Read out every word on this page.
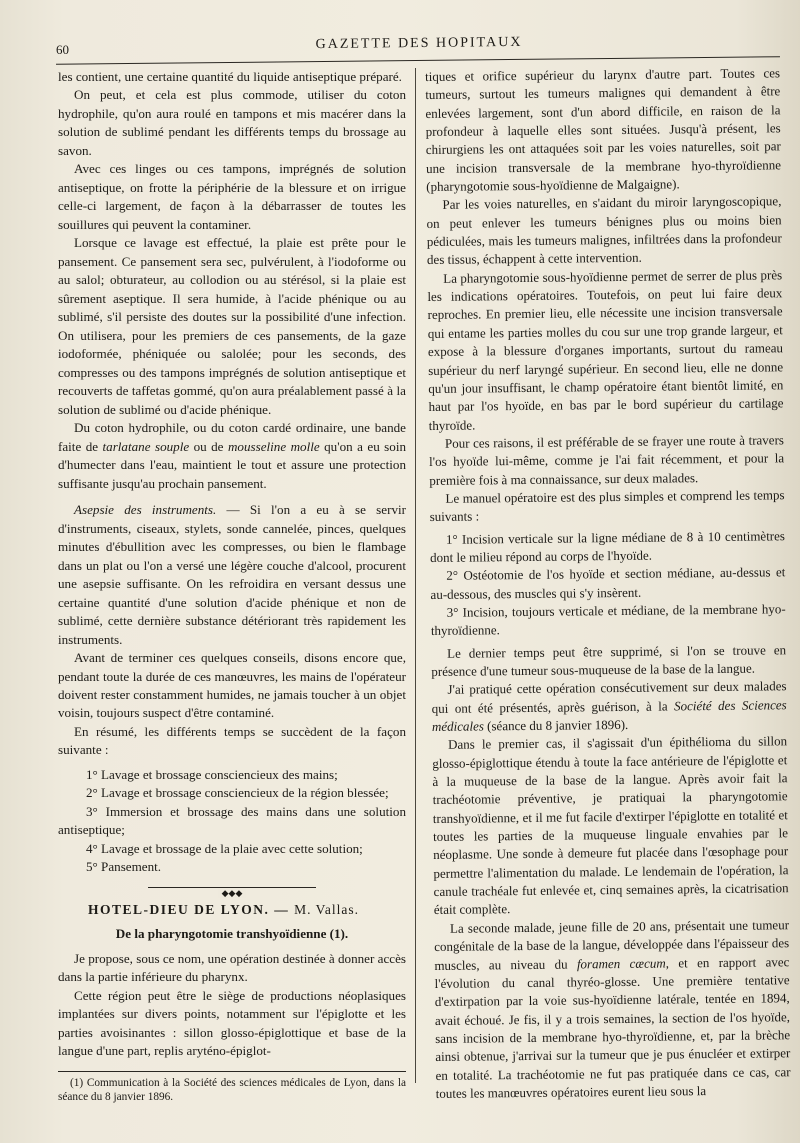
60	GAZETTE DES HOPITAUX

les contient, une certaine quantité du liquide antiseptique préparé.

On peut, et cela est plus commode, utiliser du coton hydrophile, qu'on aura roulé en tampons et mis macérer dans la solution de sublimé pendant les différents temps du brossage au savon.

Avec ces linges ou ces tampons, imprégnés de solution antiseptique, on frotte la périphérie de la blessure et on irrigue celle-ci largement, de façon à la débarrasser de toutes les souillures qui peuvent la contaminer.

Lorsque ce lavage est effectué, la plaie est prête pour le pansement. Ce pansement sera sec, pulvérulent, à l'iodoforme ou au salol; obturateur, au collodion ou au stérésol, si la plaie est sûrement aseptique. Il sera humide, à l'acide phénique ou au sublimé, s'il persiste des doutes sur la possibilité d'une infection. On utilisera, pour les premiers de ces pansements, de la gaze iodoformée, phéniquée ou salolée; pour les seconds, des compresses ou des tampons imprégnés de solution antiseptique et recouverts de taffetas gommé, qu'on aura préalablement passé à la solution de sublimé ou d'acide phénique.

Du coton hydrophile, ou du coton cardé ordinaire, une bande faite de tarlatane souple ou de mousseline molle qu'on a eu soin d'humecter dans l'eau, maintient le tout et assure une protection suffisante jusqu'au prochain pansement.

Asepsie des instruments. — Si l'on a eu à se servir d'instruments, ciseaux, stylets, sonde cannelée, pinces, quelques minutes d'ébullition avec les compresses, ou bien le flambage dans un plat ou l'on a versé une légère couche d'alcool, procurent une asepsie suffisante. On les refroidira en versant dessus une certaine quantité d'une solution d'acide phénique et non de sublimé, cette dernière substance détériorant très rapidement les instruments.

Avant de terminer ces quelques conseils, disons encore que, pendant toute la durée de ces manœuvres, les mains de l'opérateur doivent rester constamment humides, ne jamais toucher à un objet voisin, toujours suspect d'être contaminé.

En résumé, les différents temps se succèdent de la façon suivante :

1° Lavage et brossage consciencieux des mains;

2° Lavage et brossage consciencieux de la région blessée;

3° Immersion et brossage des mains dans une solution antiseptique;

4° Lavage et brossage de la plaie avec cette solution;

5° Pansement.

◆◆◆

HOTEL-DIEU DE LYON. — M. Vallas.

De la pharyngotomie transhyoïdienne (1).

Je propose, sous ce nom, une opération destinée à donner accès dans la partie inférieure du pharynx.

Cette région peut être le siège de productions néoplasiques implantées sur divers points, notamment sur l'épiglotte et les parties avoisinantes : sillon glosso-épiglottique et base de la langue d'une part, replis aryténo-épiglot-

(1) Communication à la Société des sciences médicales de Lyon, dans la séance du 8 janvier 1896.

tiques et orifice supérieur du larynx d'autre part. Toutes ces tumeurs, surtout les tumeurs malignes qui demandent à être enlevées largement, sont d'un abord difficile, en raison de la profondeur à laquelle elles sont situées. Jusqu'à présent, les chirurgiens les ont attaquées soit par les voies naturelles, soit par une incision transversale de la membrane hyo-thyroïdienne (pharyngotomie sous-hyoïdienne de Malgaigne).

Par les voies naturelles, en s'aidant du miroir laryngoscopique, on peut enlever les tumeurs bénignes plus ou moins bien pédiculées, mais les tumeurs malignes, infiltrées dans la profondeur des tissus, échappent à cette intervention.

La pharyngotomie sous-hyoïdienne permet de serrer de plus près les indications opératoires. Toutefois, on peut lui faire deux reproches. En premier lieu, elle nécessite une incision transversale qui entame les parties molles du cou sur une trop grande largeur, et expose à la blessure d'organes importants, surtout du rameau supérieur du nerf laryngé supérieur. En second lieu, elle ne donne qu'un jour insuffisant, le champ opératoire étant bientôt limité, en haut par l'os hyoïde, en bas par le bord supérieur du cartilage thyroïde.

Pour ces raisons, il est préférable de se frayer une route à travers l'os hyoïde lui-même, comme je l'ai fait récemment, et pour la première fois à ma connaissance, sur deux malades.

Le manuel opératoire est des plus simples et comprend les temps suivants :

1° Incision verticale sur la ligne médiane de 8 à 10 centimètres dont le milieu répond au corps de l'hyoïde.

2° Ostéotomie de l'os hyoïde et section médiane, au-dessus et au-dessous, des muscles qui s'y insèrent.

3° Incision, toujours verticale et médiane, de la membrane hyo-thyroïdienne.

Le dernier temps peut être supprimé, si l'on se trouve en présence d'une tumeur sous-muqueuse de la base de la langue.

J'ai pratiqué cette opération consécutivement sur deux malades qui ont été présentés, après guérison, à la Société des Sciences médicales (séance du 8 janvier 1896).

Dans le premier cas, il s'agissait d'un épithélioma du sillon glosso-épiglottique étendu à toute la face antérieure de l'épiglotte et à la muqueuse de la base de la langue. Après avoir fait la trachéotomie préventive, je pratiquai la pharyngotomie transhyoïdienne, et il me fut facile d'extirper l'épiglotte en totalité et toutes les parties de la muqueuse linguale envahies par le néoplasme. Une sonde à demeure fut placée dans l'œsophage pour permettre l'alimentation du malade. Le lendemain de l'opération, la canule trachéale fut enlevée et, cinq semaines après, la cicatrisation était complète.

La seconde malade, jeune fille de 20 ans, présentait une tumeur congénitale de la base de la langue, développée dans l'épaisseur des muscles, au niveau du foramen cæcum, et en rapport avec l'évolution du canal thyréo-glosse. Une première tentative d'extirpation par la voie sus-hyoïdienne latérale, tentée en 1894, avait échoué. Je fis, il y a trois semaines, la section de l'os hyoïde, sans incision de la membrane hyo-thyroïdienne, et, par la brèche ainsi obtenue, j'arrivai sur la tumeur que je pus énucléer et extirper en totalité. La trachéotomie ne fut pas pratiquée dans ce cas, car toutes les manœuvres opératoires eurent lieu sous la
